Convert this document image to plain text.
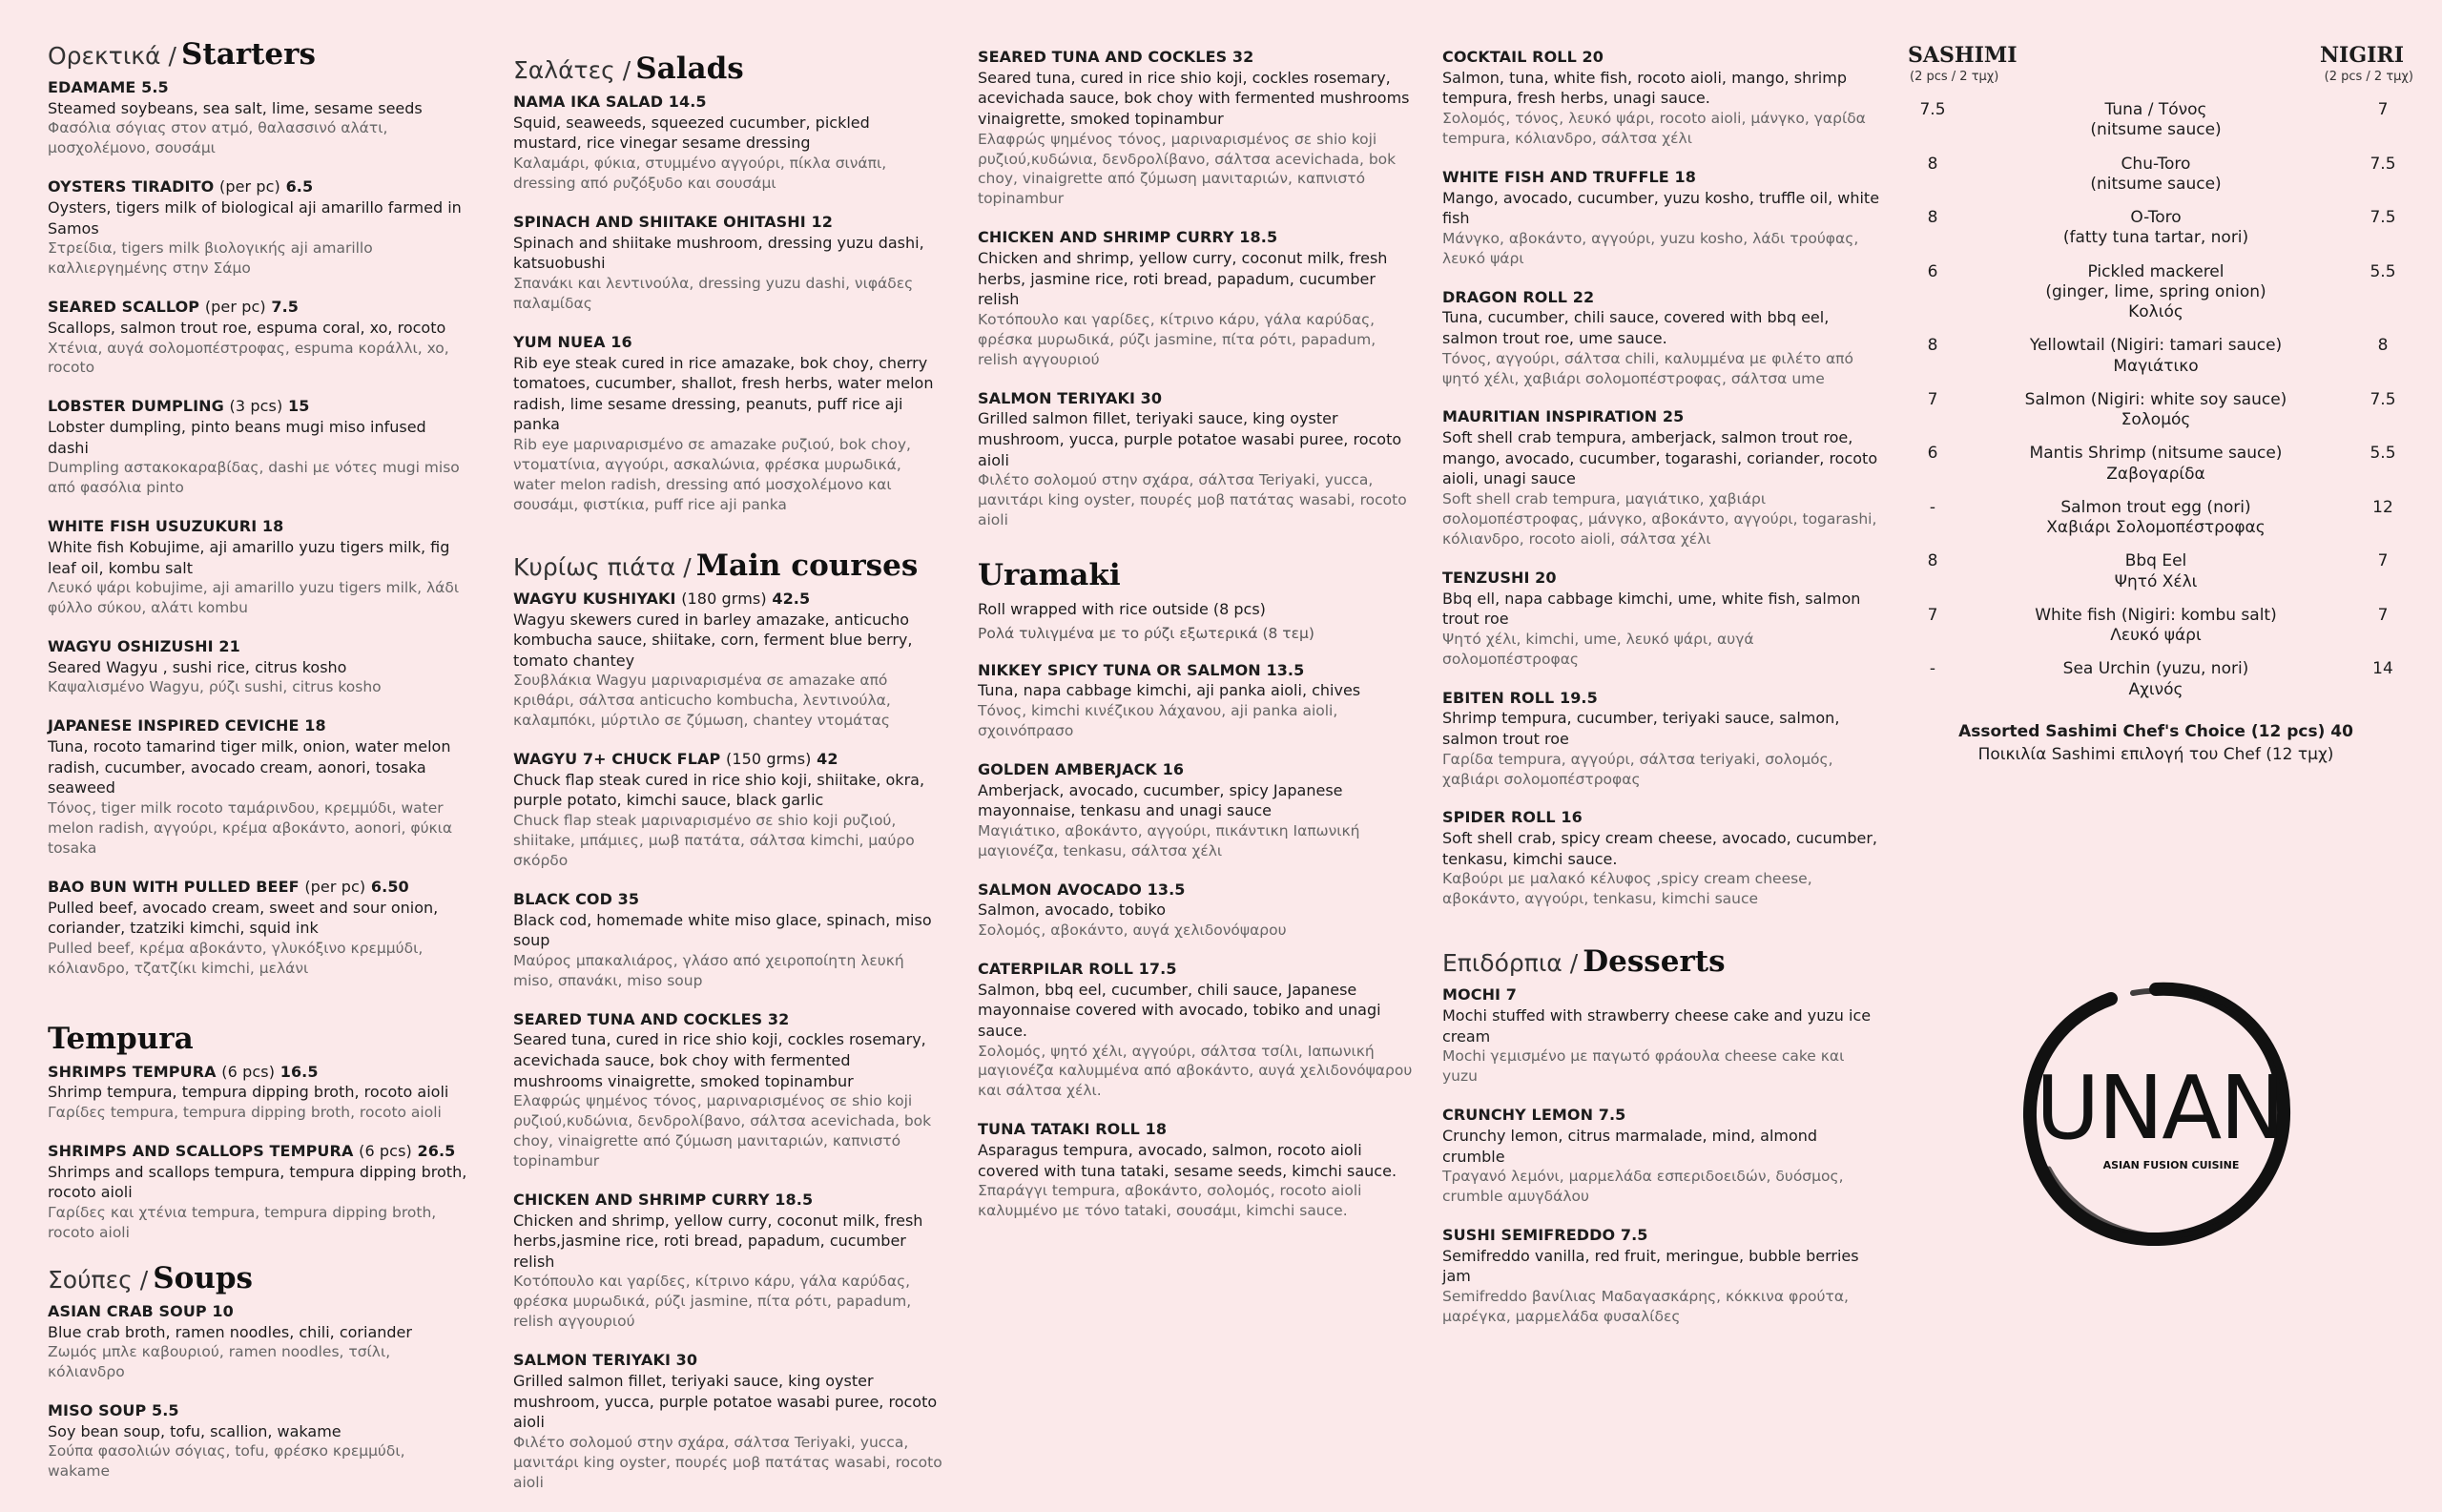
Ορεκτικά / Starters
EDAMAME 5.5
Steamed soybeans, sea salt, lime, sesame seeds
Φασόλια σόγιας στον ατμό, θαλασσινό αλάτι, μοσχολέμονο, σουσάμι
OYSTERS TIRADITO (per pc) 6.5
Oysters, tigers milk of biological aji amarillo farmed in Samos
Στρείδια, tigers milk βιολογικής aji amarillo καλλιεργημένης στην Σάμο
SEARED SCALLOP (per pc) 7.5
Scallops, salmon trout roe, espuma coral, xo, rocoto
Χτένια, αυγά σολομοπέστροφας, espuma κοράλλι, xo, rocoto
LOBSTER DUMPLING (3 pcs) 15
Lobster dumpling, pinto beans mugi miso infused dashi
Dumpling αστακοκαραβίδας, dashi με νότες mugi miso από φασόλια pinto
WHITE FISH USUZUKURI 18
White fish Kobujime, aji amarillo yuzu tigers milk, fig leaf oil, kombu salt
Λευκό ψάρι kobujime, aji amarillo yuzu tigers milk, λάδι φύλλο σύκου, αλάτι kombu
WAGYU OSHIZUSHI 21
Seared Wagyu , sushi rice, citrus kosho
Καψαλισμένο Wagyu, ρύζι sushi, citrus kosho
JAPANESE INSPIRED CEVICHE 18
Tuna, rocoto tamarind tiger milk, onion, water melon radish, cucumber, avocado cream, aonori, tosaka seaweed
Τόνος, tiger milk rocoto ταμάρινδου, κρεμμύδι, water melon radish, αγγούρι, κρέμα αβοκάντο, aonori, φύκια tosaka
BAO BUN WITH PULLED BEEF (per pc) 6.50
Pulled beef, avocado cream, sweet and sour onion, coriander, tzatziki kimchi, squid ink
Pulled beef, κρέμα αβοκάντο, γλυκόξινο κρεμμύδι, κόλιανδρο, τζατζίκι kimchi, μελάνι
Tempura
SHRIMPS TEMPURA (6 pcs) 16.5
Shrimp tempura, tempura dipping broth, rocoto aioli
Γαρίδες tempura, tempura dipping broth, rocoto aioli
SHRIMPS AND SCALLOPS TEMPURA (6 pcs) 26.5
Shrimps and scallops tempura, tempura dipping broth, rocoto aioli
Γαρίδες και χτένια tempura, tempura dipping broth, rocoto aioli
Σούπες / Soups
ASIAN CRAB SOUP 10
Blue crab broth, ramen noodles, chili, coriander
Ζωμός μπλε καβουριού, ramen noodles, τσίλι, κόλιανδρο
MISO SOUP 5.5
Soy bean soup, tofu, scallion, wakame
Σούπα φασολιών σόγιας, tofu, φρέσκο κρεμμύδι, wakame
Σαλάτες / Salads
NAMA IKA SALAD 14.5
Squid, seaweeds, squeezed cucumber, pickled mustard, rice vinegar sesame dressing
Καλαμάρι, φύκια, στυμμένο αγγούρι, πίκλα σινάπι, dressing από ρυζόξυδο και σουσάμι
SPINACH AND SHIITAKE OHITASHI 12
Spinach and shiitake mushroom, dressing yuzu dashi, katsuobushi
Σπανάκι και λεντινούλα, dressing yuzu dashi, νιφάδες παλαμίδας
YUM NUEA 16
Rib eye steak cured in rice amazake, bok choy, cherry tomatoes, cucumber, shallot, fresh herbs, water melon radish, lime sesame dressing, peanuts, puff rice aji panka
Rib eye μαριναρισμένο σε amazake ρυζιού, bok choy, ντοματίνια, αγγούρι, ασκαλώνια, φρέσκα μυρωδικά, water melon radish, dressing από μοσχολέμονο και σουσάμι, φιστίκια, puff rice aji panka
Κυρίως πιάτα / Main courses
WAGYU KUSHIYAKI (180 grms) 42.5
Wagyu skewers cured in barley amazake, anticucho kombucha sauce, shiitake, corn, ferment blue berry, tomato chantey
Σουβλάκια Wagyu μαριναρισμένα σε amazake από κριθάρι, σάλτσα anticucho kombucha, λεντινούλα, καλαμπόκι, μύρτιλο σε ζύμωση, chantey ντομάτας
WAGYU 7+ CHUCK FLAP (150 grms) 42
Chuck flap steak cured in rice shio koji, shiitake, okra, purple potato, kimchi sauce, black garlic
Chuck flap steak μαριναρισμένο σε shio koji ρυζιού, shiitake, μπάμιες, μωβ πατάτα, σάλτσα kimchi, μαύρο σκόρδο
BLACK COD 35
Black cod, homemade white miso glace, spinach, miso soup
Μαύρος μπακαλιάρος, γλάσο από χειροποίητη λευκή miso, σπανάκι, miso soup
SEARED TUNA AND COCKLES 32
Seared tuna, cured in rice shio koji, cockles rosemary, acevichada sauce, bok choy with fermented mushrooms vinaigrette, smoked topinambur
Ελαφρώς ψημένος τόνος, μαριναρισμένος σε shio koji ρυζιού,κυδώνια, δενδρολίβανο, σάλτσα acevichada, bok choy, vinaigrette από ζύμωση μανιταριών, καπνιστό topinambur
CHICKEN AND SHRIMP CURRY 18.5
Chicken and shrimp, yellow curry, coconut milk, fresh herbs,jasmine rice, roti bread, papadum, cucumber relish
Κοτόπουλο και γαρίδες, κίτρινο κάρυ, γάλα καρύδας, φρέσκα μυρωδικά, ρύζι jasmine, πίτα ρότι, papadum, relish αγγουριού
SALMON TERIYAKI 30
Grilled salmon fillet, teriyaki sauce, king oyster mushroom, yucca, purple potatoe wasabi puree, rocoto aioli
Φιλέτο σολομού στην σχάρα, σάλτσα Teriyaki, yucca, μανιτάρι king oyster, πουρές μοβ πατάτας wasabi, rocoto aioli
SEARED TUNA AND COCKLES 32
Seared tuna, cured in rice shio koji, cockles rosemary, acevichada sauce, bok choy with fermented mushrooms vinaigrette, smoked topinambur
Ελαφρώς ψημένος τόνος, μαριναρισμένος σε shio koji ρυζιού,κυδώνια, δενδρολίβανο, σάλτσα acevichada, bok choy, vinaigrette από ζύμωση μανιταριών, καπνιστό topinambur
CHICKEN AND SHRIMP CURRY 18.5
Chicken and shrimp, yellow curry, coconut milk, fresh herbs, jasmine rice, roti bread, papadum, cucumber relish
Κοτόπουλο και γαρίδες, κίτρινο κάρυ, γάλα καρύδας, φρέσκα μυρωδικά, ρύζι jasmine, πίτα ρότι, papadum, relish αγγουριού
SALMON TERIYAKI 30
Grilled salmon fillet, teriyaki sauce, king oyster mushroom, yucca, purple potatoe wasabi puree, rocoto aioli
Φιλέτο σολομού στην σχάρα, σάλτσα Teriyaki, yucca, μανιτάρι king oyster, πουρές μοβ πατάτας wasabi, rocoto aioli
Uramaki
Roll wrapped with rice outside (8 pcs)
Ρολά τυλιγμένα με το ρύζι εξωτερικά (8 τεμ)
NIKKEY SPICY TUNA OR SALMON 13.5
Tuna, napa cabbage kimchi, aji panka aioli, chives
Τόνος, kimchi κινέζικου λάχανου, aji panka aioli, σχοινόπρασο
GOLDEN AMBERJACK 16
Amberjack, avocado, cucumber, spicy Japanese mayonnaise, tenkasu and unagi sauce
Μαγιάτικο, αβοκάντο, αγγούρι, πικάντικη Ιαπωνική μαγιονέζα, tenkasu, σάλτσα χέλι
SALMON AVOCADO 13.5
Salmon, avocado, tobiko
Σολομός, αβοκάντο, αυγά χελιδονόψαρου
CATERPILAR ROLL 17.5
Salmon, bbq eel, cucumber, chili sauce, Japanese mayonnaise covered with avocado, tobiko and unagi sauce.
Σολομός, ψητό χέλι, αγγούρι, σάλτσα τσίλι, Ιαπωνική μαγιονέζα καλυμμένα από αβοκάντο, αυγά χελιδονόψαρου και σάλτσα χέλι.
TUNA TATAKI ROLL 18
Asparagus tempura, avocado, salmon, rocoto aioli covered with tuna tataki, sesame seeds, kimchi sauce.
Σπαράγγι tempura, αβοκάντο, σολομός, rocoto aioli καλυμμένο με τόνο tataki, σουσάμι, kimchi sauce.
COCKTAIL ROLL 20
Salmon, tuna, white fish, rocoto aioli, mango, shrimp tempura, fresh herbs, unagi sauce.
Σολομός, τόνος, λευκό ψάρι, rocoto aioli, μάνγκο, γαρίδα tempura, κόλιανδρο, σάλτσα χέλι
WHITE FISH AND TRUFFLE 18
Mango, avocado, cucumber, yuzu kosho, truffle oil, white fish
Μάνγκο, αβοκάντο, αγγούρι, yuzu kosho, λάδι τρούφας, λευκό ψάρι
DRAGON ROLL 22
Tuna, cucumber, chili sauce, covered with bbq eel, salmon trout roe, ume sauce.
Τόνος, αγγούρι, σάλτσα chili, καλυμμένα με φιλέτο από ψητό χέλι, χαβιάρι σολομοπέστροφας, σάλτσα ume
MAURITIAN INSPIRATION 25
Soft shell crab tempura, amberjack, salmon trout roe, mango, avocado, cucumber, togarashi, coriander, rocoto aioli, unagi sauce
Soft shell crab tempura, μαγιάτικο, χαβιάρι σολομοπέστροφας, μάνγκο, αβοκάντο, αγγούρι, togarashi, κόλιανδρο, rocoto aioli, σάλτσα χέλι
TENZUSHI 20
Bbq ell, napa cabbage kimchi, ume, white fish, salmon trout roe
Ψητό χέλι, kimchi, ume, λευκό ψάρι, αυγά σολομοπέστροφας
EBITEN ROLL 19.5
Shrimp tempura, cucumber, teriyaki sauce, salmon, salmon trout roe
Γαρίδα tempura, αγγούρι, σάλτσα teriyaki, σολομός, χαβιάρι σολομοπέστροφας
SPIDER ROLL 16
Soft shell crab, spicy cream cheese, avocado, cucumber, tenkasu, kimchi sauce.
Καβούρι με μαλακό κέλυφος ,spicy cream cheese, αβοκάντο, αγγούρι, tenkasu, kimchi sauce
Επιδόρπια / Desserts
MOCHI 7
Mochi stuffed with strawberry cheese cake and yuzu ice cream
Mochi γεμισμένο με παγωτό φράουλα cheese cake και yuzu
CRUNCHY LEMON 7.5
Crunchy lemon, citrus marmalade, mind, almond crumble
Τραγανό λεμόνι, μαρμελάδα εσπεριδοειδών, δυόσμος, crumble αμυγδάλου
SUSHI SEMIFREDDO 7.5
Semifreddo vanilla, red fruit, meringue, bubble berries jam
Semifreddo βανίλιας Μαδαγασκάρης, κόκκινα φρούτα, μαρέγκα, μαρμελάδα φυσαλίδες
SASHIMI
(2 pcs / 2 τμχ)
NIGIRI
(2 pcs / 2 τμχ)
7.5	Tuna / Τόνος
(nitsume sauce)
7
8	Chu-Toro
(nitsume sauce)
7.5
8	O-Toro
(fatty tuna tartar, nori)
7.5
6	Pickled mackerel
(ginger, lime, spring onion)
Κολιός
5.5
8	Yellowtail (Nigiri: tamari sauce)
Μαγιάτικο
8
7	Salmon (Nigiri: white soy sauce)
Σολομός
7.5
6	Mantis Shrimp (nitsume sauce)
Ζαβογαρίδα
5.5
-	Salmon trout egg (nori)
Χαβιάρι Σολομοπέστροφας
12
8	Bbq Eel
Ψητό Χέλι
7
7	White fish (Nigiri: kombu salt)
Λευκό ψάρι
7
-	Sea Urchin (yuzu, nori)
Αχινός
14
Assorted Sashimi Chef's Choice (12 pcs) 40
Ποικιλία Sashimi επιλογή του Chef (12 τμχ)
UNAN
ASIAN FUSION CUISINE
